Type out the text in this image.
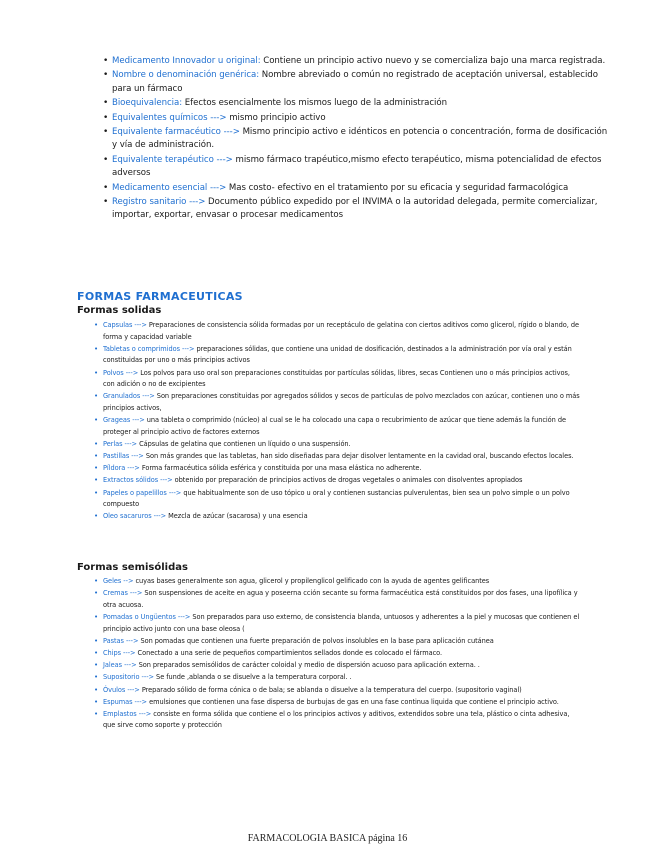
• Medicamento Innovador u original: Contiene un principio activo nuevo y se comercializa bajo una marca registrada.
• Nombre o denominación genérica: Nombre abreviado o común no registrado de aceptación universal, establecido para un fármaco
• Bioequivalencia: Efectos esencialmente los mismos luego de la administración
• Equivalentes químicos ---> mismo principio activo
• Equivalente farmacéutico ---> Mismo principio activo e idénticos en potencia o concentración, forma de dosificación y vía de administración.
• Equivalente terapéutico ---> mismo fármaco trapéutico,mismo efecto terapéutico, misma potencialidad de efectos adversos
• Medicamento esencial ---> Mas costo- efectivo en el tratamiento por su eficacia y seguridad farmacológica
• Registro sanitario ---> Documento público expedido por el INVIMA o la autoridad delegada, permite comercializar, importar, exportar, envasar o procesar medicamentos
FORMAS FARMACEUTICAS
Formas solidas
• Capsulas ---> Preparaciones de consistencia sólida formadas por un receptáculo de gelatina con ciertos aditivos como glicerol, rígido o blando, de forma y capacidad variable
• Tabletas o comprimidos ---> preparaciones sólidas, que contiene una unidad de dosificación, destinados a la administración por vía oral y están constituidas por uno o más principios activos
• Polvos ---> Los polvos para uso oral son preparaciones constituidas por partículas sólidas, libres, secas Contienen uno o más principios activos, con adición o no de excipientes
• Granulados ---> Son preparaciones constituidas por agregados sólidos y secos de partículas de polvo mezclados con azúcar, contienen uno o más principios activos,
• Grageas ---> una tableta o comprimido (núcleo) al cual se le ha colocado una capa o recubrimiento de azúcar que tiene además la función de proteger al principio activo de factores externos
• Perlas ---> Cápsulas de gelatina que contienen un líquido o una suspensión.
• Pastillas ---> Son más grandes que las tabletas, han sido diseñadas para dejar disolver lentamente en la cavidad oral, buscando efectos locales.
• Píldora ---> Forma farmacéutica sólida esférica y constituida por una masa elástica no adherente.
• Extractos sólidos ---> obtenido por preparación de principios activos de drogas vegetales o animales con disolventes apropiados
• Papeles o papelillos ---> que habitualmente son de uso tópico u oral y contienen sustancias pulverulentas, bien sea un polvo simple o un polvo compuesto
• Oleo sacaruros ---> Mezcla de azúcar (sacarosa) y una esencia
Formas semisólidas
• Geles --> cuyas bases generalmente son agua, glicerol y propilenglicol gelificado con la ayuda de agentes gelificantes
• Cremas ---> Son suspensiones de aceite en agua y poseerna cción secante su forma farmacéutica está constituidos por dos fases, una lipofílica y otra acuosa.
• Pomadas o Ungüentos ---> Son preparados para uso externo, de consistencia blanda, untuosos y adherentes a la piel y mucosas que contienen el principio activo junto con una base oleosa (
• Pastas ---> Son pomadas que contienen una fuerte preparación de polvos insolubles en la base para aplicación cutánea
• Chips ---> Conectado a una serie de pequeños compartimientos sellados donde es colocado el fármaco.
• Jaleas ---> Son preparados semisólidos de carácter coloidal y medio de dispersión acuoso para aplicación externa. .
• Supositorio ---> Se funde ,ablanda o se disuelve a la temperatura corporal. .
• Óvulos ---> Preparado sólido de forma cónica o de bala; se ablanda o disuelve a la temperatura del cuerpo. (supositorio vaginal)
• Espumas ---> emulsiones que contienen una fase dispersa de burbujas de gas en una fase continua liquida que contiene el principio activo.
• Emplastos ---> consiste en forma sólida que contiene el o los principios activos y aditivos, extendidos sobre una tela, plástico o cinta adhesiva, que sirve como soporte y protección

FARMACOLOGIA BASICA página 16
